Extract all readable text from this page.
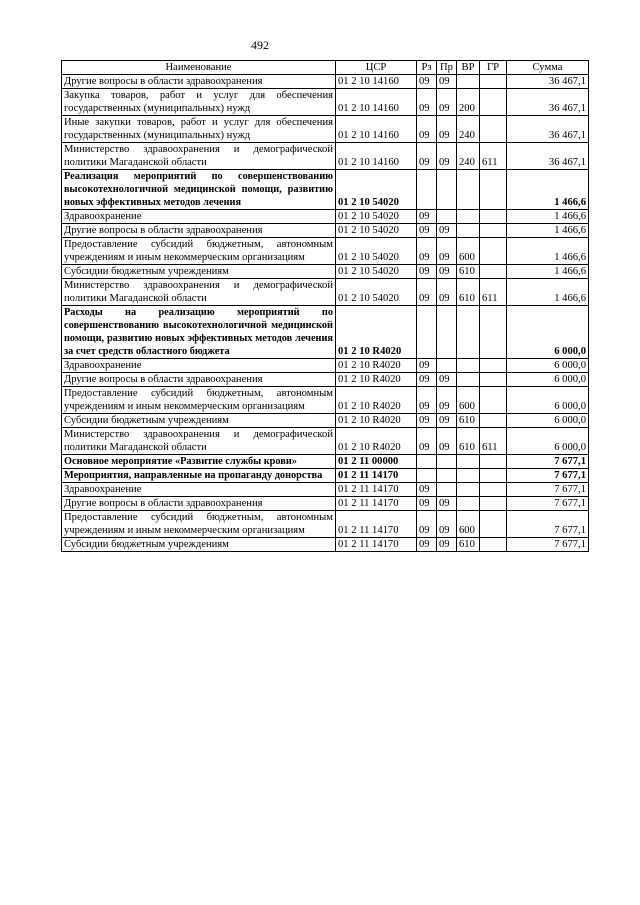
492
Наименование	ЦСР	Рз	Пр	ВР	ГР	Сумма
Другие вопросы в области здравоохранения	01 2 10 14160	09	09			36 467,1
Закупка товаров, работ и услуг для обеспечения государственных (муниципальных) нужд	01 2 10 14160	09	09	200		36 467,1
Иные закупки товаров, работ и услуг для обеспечения государственных (муниципальных) нужд	01 2 10 14160	09	09	240		36 467,1
Министерство здравоохранения и демографической политики Магаданской области	01 2 10 14160	09	09	240	611	36 467,1
Реализация мероприятий по совершенствованию высокотехнологичной медицинской помощи, развитию новых эффективных методов лечения	01 2 10 54020					1 466,6
Здравоохранение	01 2 10 54020	09				1 466,6
Другие вопросы в области здравоохранения	01 2 10 54020	09	09			1 466,6
Предоставление субсидий бюджетным, автономным учреждениям и иным некоммерческим организациям	01 2 10 54020	09	09	600		1 466,6
Субсидии бюджетным учреждениям	01 2 10 54020	09	09	610		1 466,6
Министерство здравоохранения и демографической политики Магаданской области	01 2 10 54020	09	09	610	611	1 466,6
Расходы на реализацию мероприятий по совершенствованию высокотехнологичной медицинской помощи, развитию новых эффективных методов лечения за счет средств областного бюджета	01 2 10 R4020					6 000,0
Здравоохранение	01 2 10 R4020	09				6 000,0
Другие вопросы в области здравоохранения	01 2 10 R4020	09	09			6 000,0
Предоставление субсидий бюджетным, автономным учреждениям и иным некоммерческим организациям	01 2 10 R4020	09	09	600		6 000,0
Субсидии бюджетным учреждениям	01 2 10 R4020	09	09	610		6 000,0
Министерство здравоохранения и демографической политики Магаданской области	01 2 10 R4020	09	09	610	611	6 000,0
Основное мероприятие «Развитие службы крови»	01 2 11 00000					7 677,1
Мероприятия, направленные на пропаганду донорства	01 2 11 14170					7 677,1
Здравоохранение	01 2 11 14170	09				7 677,1
Другие вопросы в области здравоохранения	01 2 11 14170	09	09			7 677,1
Предоставление субсидий бюджетным, автономным учреждениям и иным некоммерческим организациям	01 2 11 14170	09	09	600		7 677,1
Субсидии бюджетным учреждениям	01 2 11 14170	09	09	610		7 677,1
